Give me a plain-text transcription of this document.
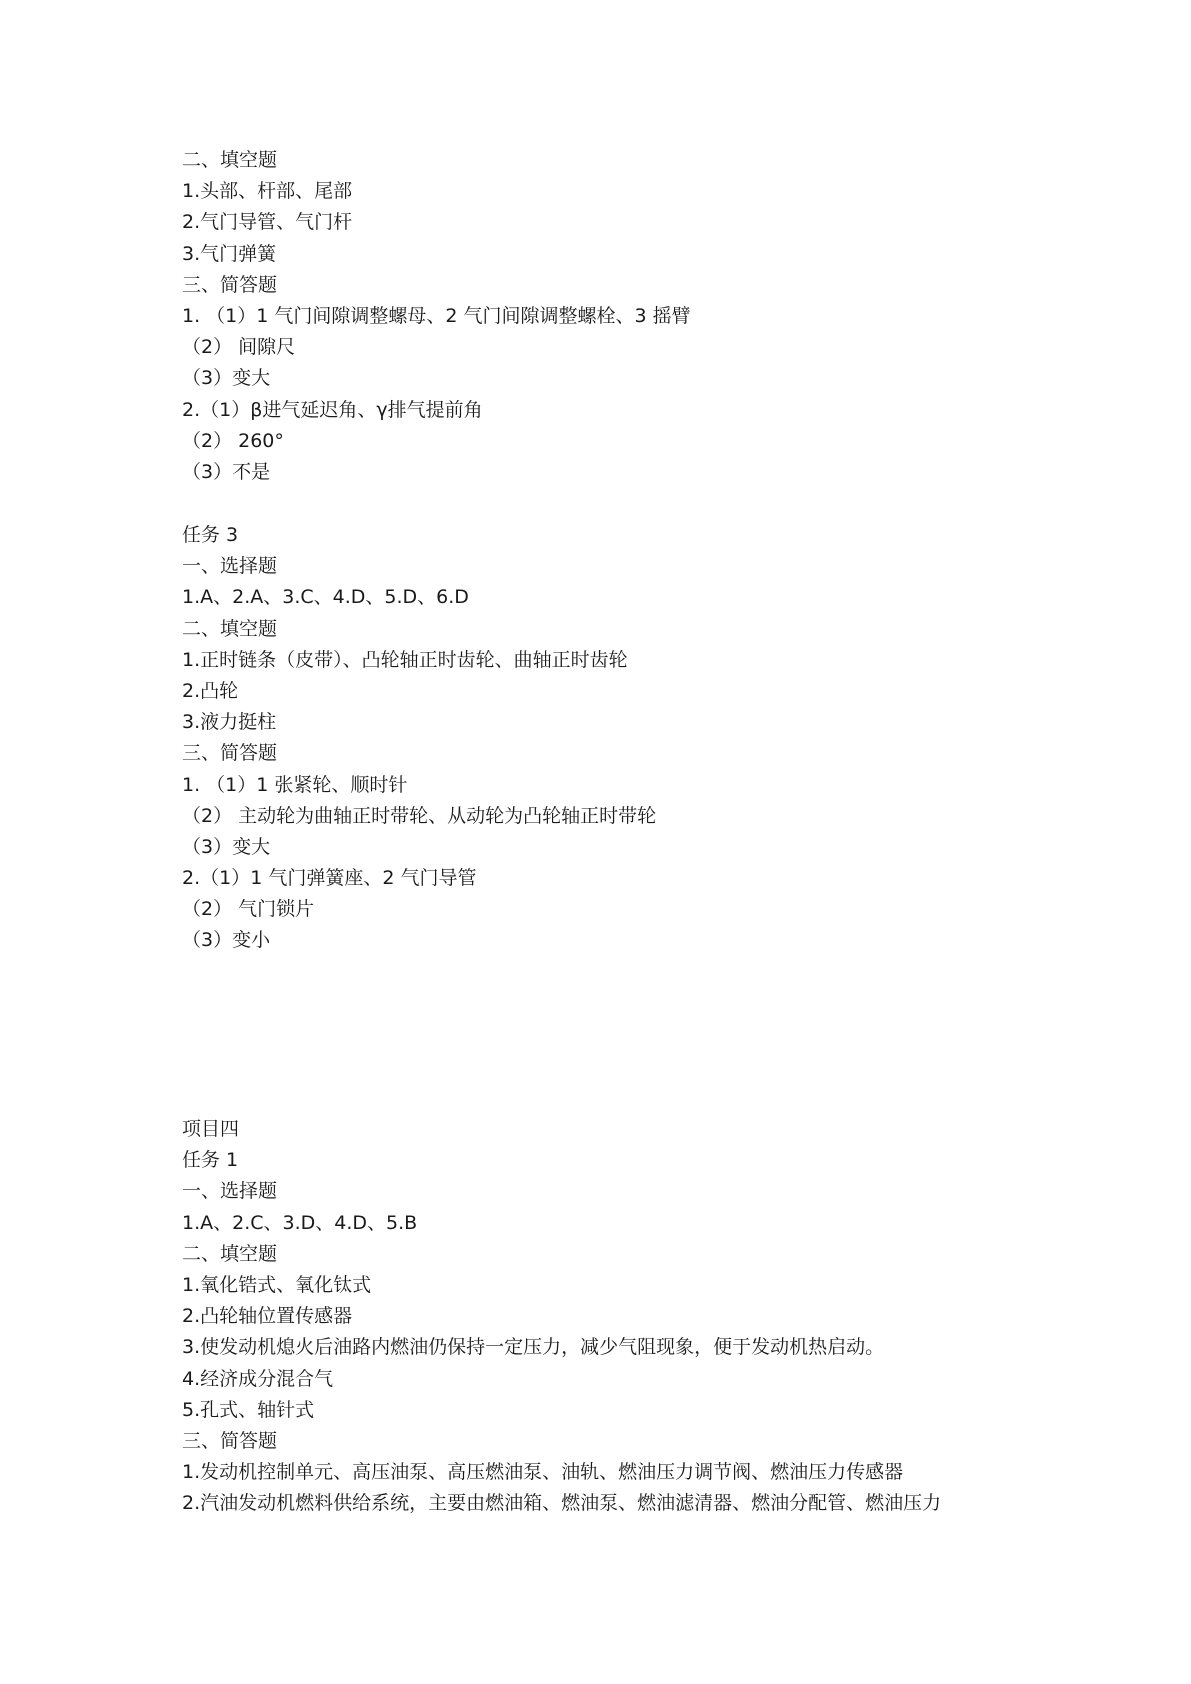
二、填空题
1.头部、杆部、尾部
2.气门导管、气门杆
3.气门弹簧
三、简答题
1. （1）1 气门间隙调整螺母、2 气门间隙调整螺栓、3 摇臂
（2） 间隙尺
（3）变大
2.（1）β进气延迟角、γ排气提前角
（2） 260°
（3）不是
任务 3
一、选择题
1.A、2.A、3.C、4.D、5.D、6.D
二、填空题
1.正时链条（皮带）、凸轮轴正时齿轮、曲轴正时齿轮
2.凸轮
3.液力挺柱
三、简答题
1. （1）1 张紧轮、顺时针
（2） 主动轮为曲轴正时带轮、从动轮为凸轮轴正时带轮
（3）变大
2.（1）1 气门弹簧座、2 气门导管
（2） 气门锁片
（3）变小
项目四
任务 1
一、选择题
1.A、2.C、3.D、4.D、5.B
二、填空题
1.氧化锆式、氧化钛式
2.凸轮轴位置传感器
3.使发动机熄火后油路内燃油仍保持一定压力，减少气阻现象，便于发动机热启动。
4.经济成分混合气
5.孔式、轴针式
三、简答题
1.发动机控制单元、高压油泵、高压燃油泵、油轨、燃油压力调节阀、燃油压力传感器
2.汽油发动机燃料供给系统，主要由燃油箱、燃油泵、燃油滤清器、燃油分配管、燃油压力
